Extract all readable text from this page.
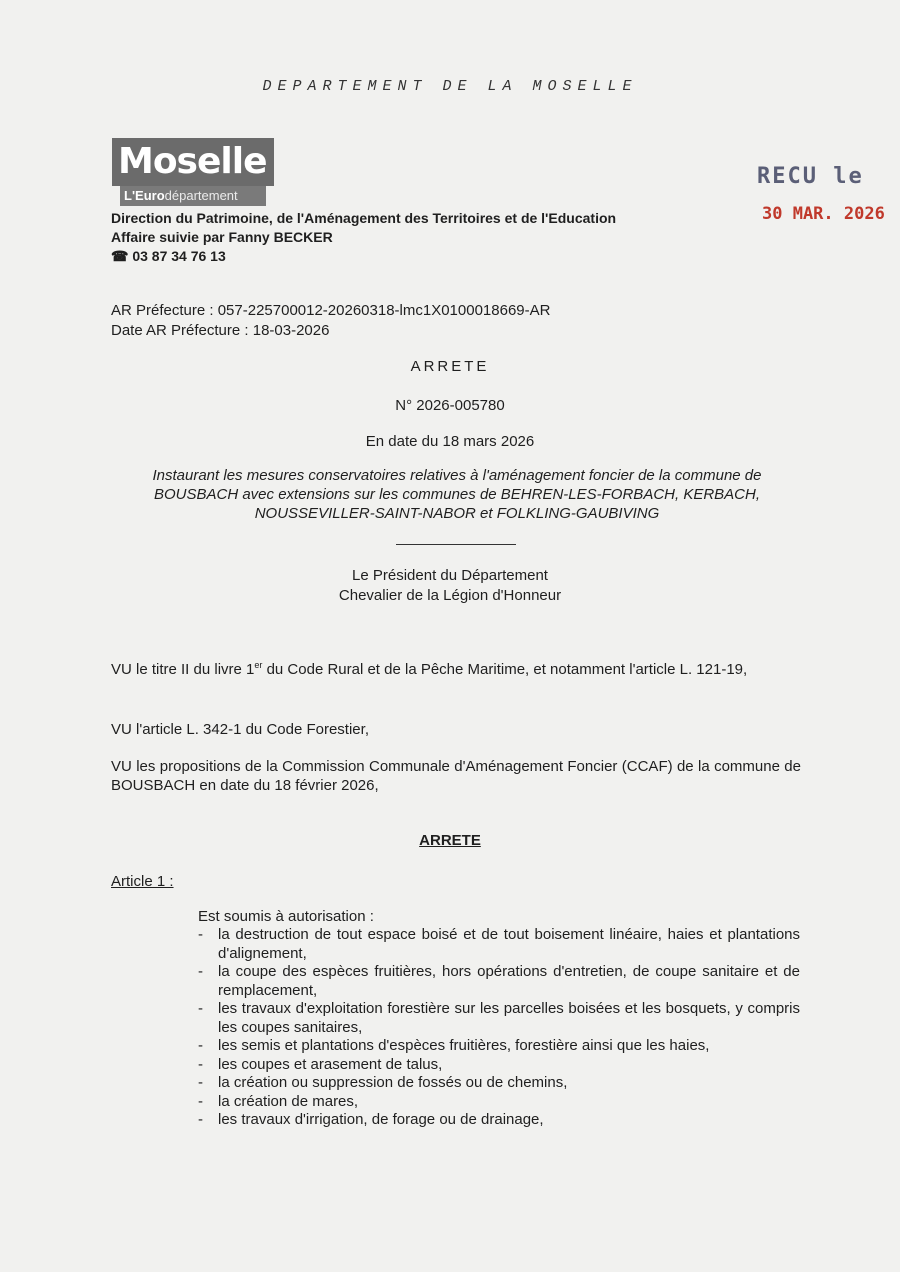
DEPARTEMENT DE LA MOSELLE
Moselle
L'Eurodépartement
RECU le
30 MAR. 2026
Direction du Patrimoine, de l'Aménagement des Territoires et de l'Education
Affaire suivie par Fanny BECKER
☎ 03 87 34 76 13
AR Préfecture : 057-225700012-20260318-lmc1X0100018669-AR
Date AR Préfecture : 18-03-2026
ARRETE
N° 2026-005780
En date du 18 mars 2026
Instaurant les mesures conservatoires relatives à l'aménagement foncier de la commune de BOUSBACH avec extensions sur les communes de BEHREN-LES-FORBACH, KERBACH, NOUSSEVILLER-SAINT-NABOR et FOLKLING-GAUBIVING
Le Président du Département
Chevalier de la Légion d'Honneur
VU le titre II du livre 1er du Code Rural et de la Pêche Maritime, et notamment l'article L. 121-19,
VU l'article L. 342-1 du Code Forestier,
VU les propositions de la Commission Communale d'Aménagement Foncier (CCAF) de la commune de BOUSBACH en date du 18 février 2026,
ARRETE
Article 1 :
Est soumis à autorisation :
- la destruction de tout espace boisé et de tout boisement linéaire, haies et plantations d'alignement,
- la coupe des espèces fruitières, hors opérations d'entretien, de coupe sanitaire et de remplacement,
- les travaux d'exploitation forestière sur les parcelles boisées et les bosquets, y compris les coupes sanitaires,
- les semis et plantations d'espèces fruitières, forestière ainsi que les haies,
- les coupes et arasement de talus,
- la création ou suppression de fossés ou de chemins,
- la création de mares,
- les travaux d'irrigation, de forage ou de drainage,
